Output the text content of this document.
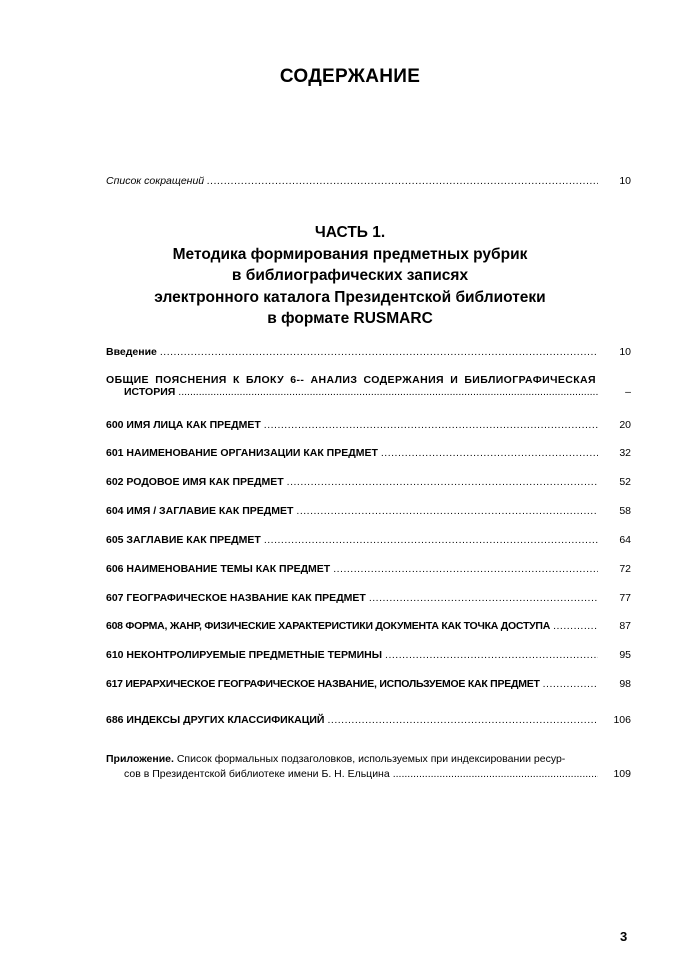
СОДЕРЖАНИЕ
Список сокращений .....	10
ЧАСТЬ 1.
Методика формирования предметных рубрик
в библиографических записях
электронного каталога Президентской библиотеки
в формате RUSMARC
Введение .....	10
ОБЩИЕ ПОЯСНЕНИЯ К БЛОКУ 6-- АНАЛИЗ СОДЕРЖАНИЯ И БИБЛИОГРАФИЧЕСКАЯ
ИСТОРИЯ .....	–
600 ИМЯ ЛИЦА КАК ПРЕДМЕТ .....	20
601 НАИМЕНОВАНИЕ ОРГАНИЗАЦИИ КАК ПРЕДМЕТ .....	32
602 РОДОВОЕ ИМЯ КАК ПРЕДМЕТ .....	52
604 ИМЯ / ЗАГЛАВИЕ КАК ПРЕДМЕТ .....	58
605 ЗАГЛАВИЕ КАК ПРЕДМЕТ .....	64
606 НАИМЕНОВАНИЕ ТЕМЫ КАК ПРЕДМЕТ .....	72
607 ГЕОГРАФИЧЕСКОЕ НАЗВАНИЕ КАК ПРЕДМЕТ .....	77
608 ФОРМА, ЖАНР, ФИЗИЧЕСКИЕ ХАРАКТЕРИСТИКИ ДОКУМЕНТА КАК ТОЧКА ДОСТУПА .....	87
610 НЕКОНТРОЛИРУЕМЫЕ ПРЕДМЕТНЫЕ ТЕРМИНЫ .....	95
617 ИЕРАРХИЧЕСКОЕ ГЕОГРАФИЧЕСКОЕ НАЗВАНИЕ, ИСПОЛЬЗУЕМОЕ КАК ПРЕДМЕТ .....	98
686 ИНДЕКСЫ ДРУГИХ КЛАССИФИКАЦИЙ .....	106
Приложение. Список формальных подзаголовков, используемых при индексировании ресур-
сов в Президентской библиотеке имени Б. Н. Ельцина .....	109
3
